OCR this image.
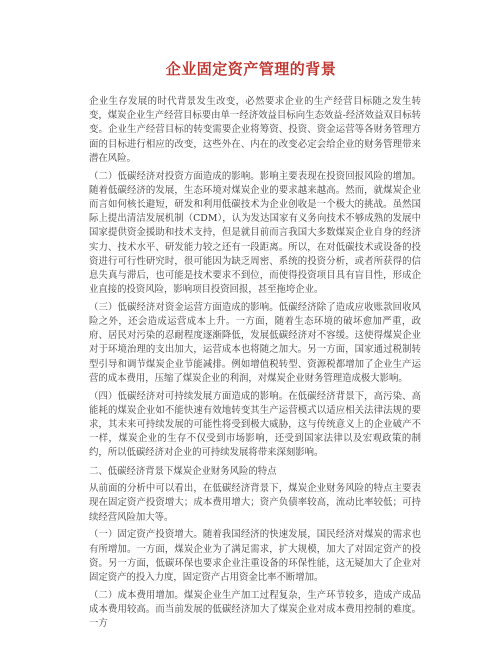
企业固定资产管理的背景

企业生存发展的时代背景发生改变，必然要求企业的生产经营目标随之发生转变，煤炭企业生产经营目标要由单一经济效益目标向生态效益-经济效益双目标转变。企业生产经营目标的转变需要企业将筹资、投资、资金运营等各财务管理方面的目标进行相应的改变，这些外在、内在的改变必定会给企业的财务管理带来潜在风险。

（二）低碳经济对投资方面造成的影响。影响主要表现在投资回报风险的增加。随着低碳经济的发展，生态环境对煤炭企业的要求越来越高。然而，就煤炭企业而言如何核长避短，研发和利用低碳技术为企业创收是一个极大的挑战。虽然国际上提出清洁发展机制（CDM），认为发达国家有义务向技术不够成熟的发展中国家提供资金援助和技术支持，但是就目前而言我国大多数煤炭企业自身的经济实力、技术水平、研发能力较之还有一段距离。所以，在对低碳技术或设备的投资进行可行性研究时，很可能因为缺乏周密、系统的投资分析，或者所获得的信息失真与滞后，也可能是技术要求不到位，而使得投资项目具有盲目性，形成企业直接的投资风险，影响项目投资回报，甚至拖垮企业。

（三）低碳经济对资金运营方面造成的影响。低碳经济除了造成应收账款回收风险之外，还会造成运营成本上升。一方面，随着生态环境的破坏愈加严重，政府、居民对污染的忍耐程度逐渐降低，发展低碳经济对不容缓。这使得煤炭企业对于环境治理的支出加大，运营成本也将随之加大。另一方面，国家通过税制转型引导和调节煤炭企业节能减排。例如增值税转型、资源税都增加了企业生产运营的成本费用，压缩了煤炭企业的利润，对煤炭企业财务管理造成极大影响。

（四）低碳经济对可持续发展方面造成的影响。在低碳经济背景下，高污染、高能耗的煤炭企业如不能快速有效地转变其生产运营模式以适应相关法律法规的要求，其未来可持续发展的可能性将受到极大威胁，这与传统意义上的企业破产不一样，煤炭企业的生存不仅受到市场影响，还受到国家法律以及宏观政策的制约，所以低碳经济对企业的可持续发展将带来深刻影响。

二、低碳经济背景下煤炭企业财务风险的特点

从前面的分析中可以看出，在低碳经济背景下，煤炭企业财务风险的特点主要表现在固定资产投资增大；成本费用增大；资产负债率较高，流动比率较低；可持续经营风险加大等。

（一）固定资产投资增大。随着我国经济的快速发展，国民经济对煤炭的需求也有所增加。一方面，煤炭企业为了满足需求，扩大规模，加大了对固定资产的投资。另一方面，低碳环保也要求企业注重设备的环保性能，这无疑加大了企业对固定资产的投入力度，固定资产占用资金比率不断增加。

（二）成本费用增加。煤炭企业生产加工过程复杂，生产环节较多，造成产成品成本费用较高。而当前发展的低碳经济加大了煤炭企业对成本费用控制的难度。一方
